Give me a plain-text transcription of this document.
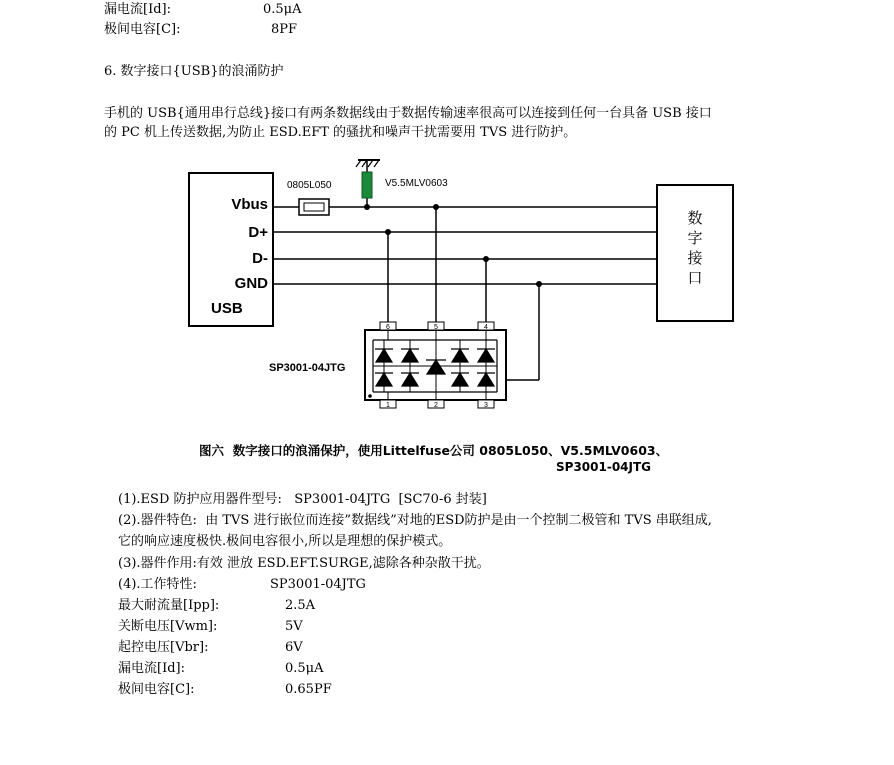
漏电流[Id]:	0.5μA
极间电容[C]:	8PF
6. 数字接口{USB}的浪涌防护
手机的 USB{通用串行总线}接口有两条数据线由于数据传输速率很高可以连接到任何一台具备 USB 接口
的 PC 机上传送数据,为防止 ESD.EFT 的骚扰和噪声干扰需要用 TVS 进行防护。
0805L050	V5.5MLV0603
Vbus
D+
D-
GND
USB
数
字
接
口
SP3001-04JTG
6	5	4
1	2	3
图六  数字接口的浪涌保护，使用Littelfuse公司 0805L050、V5.5MLV0603、
SP3001-04JTG
(1).ESD 防护应用器件型号:   SP3001-04JTG  [SC70-6 封装]
(2).器件特色:  由 TVS 进行嵌位而连接”数据线”对地的ESD防护是由一个控制二极管和 TVS 串联组成,
它的响应速度极快.极间电容很小,所以是理想的保护模式。
(3).器件作用:有效 泄放 ESD.EFT.SURGE,滤除各种杂散干扰。
(4).工作特性:	SP3001-04JTG
最大耐流量[Ipp]:	2.5A
关断电压[Vwm]:	5V
起控电压[Vbr]:	6V
漏电流[Id]:	0.5μA
极间电容[C]:	0.65PF
